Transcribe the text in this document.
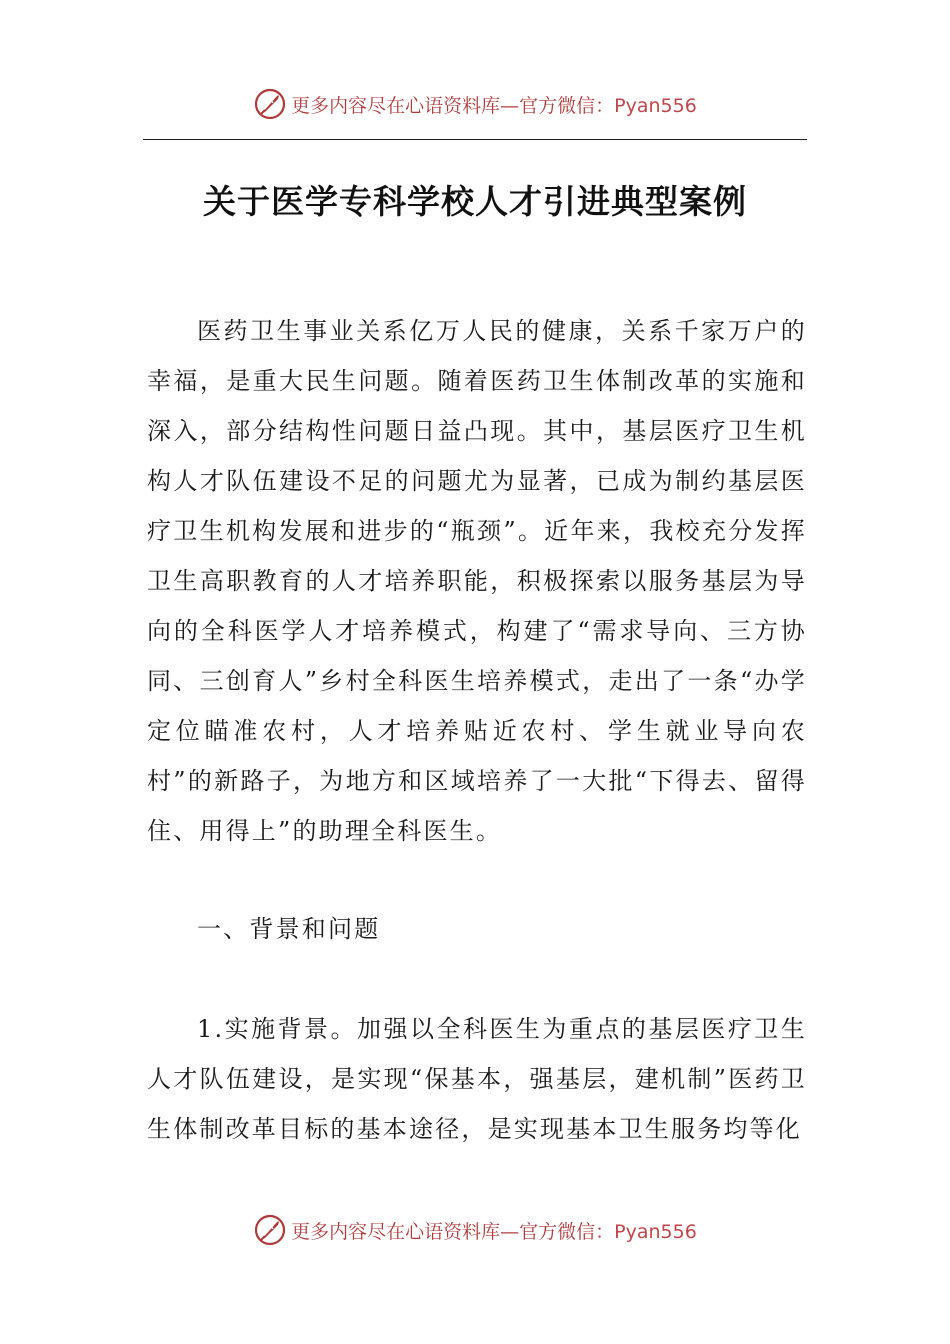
更多内容尽在心语资料库—官方微信：Pyan556
关于医学专科学校人才引进典型案例
医药卫生事业关系亿万人民的健康，关系千家万户的幸福，是重大民生问题。随着医药卫生体制改革的实施和深入，部分结构性问题日益凸现。其中，基层医疗卫生机构人才队伍建设不足的问题尤为显著，已成为制约基层医疗卫生机构发展和进步的“瓶颈”。近年来，我校充分发挥卫生高职教育的人才培养职能，积极探索以服务基层为导向的全科医学人才培养模式，构建了“需求导向、三方协同、三创育人”乡村全科医生培养模式，走出了一条“办学定位瞄准农村，人才培养贴近农村、学生就业导向农村”的新路子，为地方和区域培养了一大批“下得去、留得住、用得上”的助理全科医生。
一、背景和问题
1.实施背景。加强以全科医生为重点的基层医疗卫生人才队伍建设，是实现“保基本，强基层，建机制”医药卫生体制改革目标的基本途径，是实现基本卫生服务均等化
更多内容尽在心语资料库—官方微信：Pyan556
